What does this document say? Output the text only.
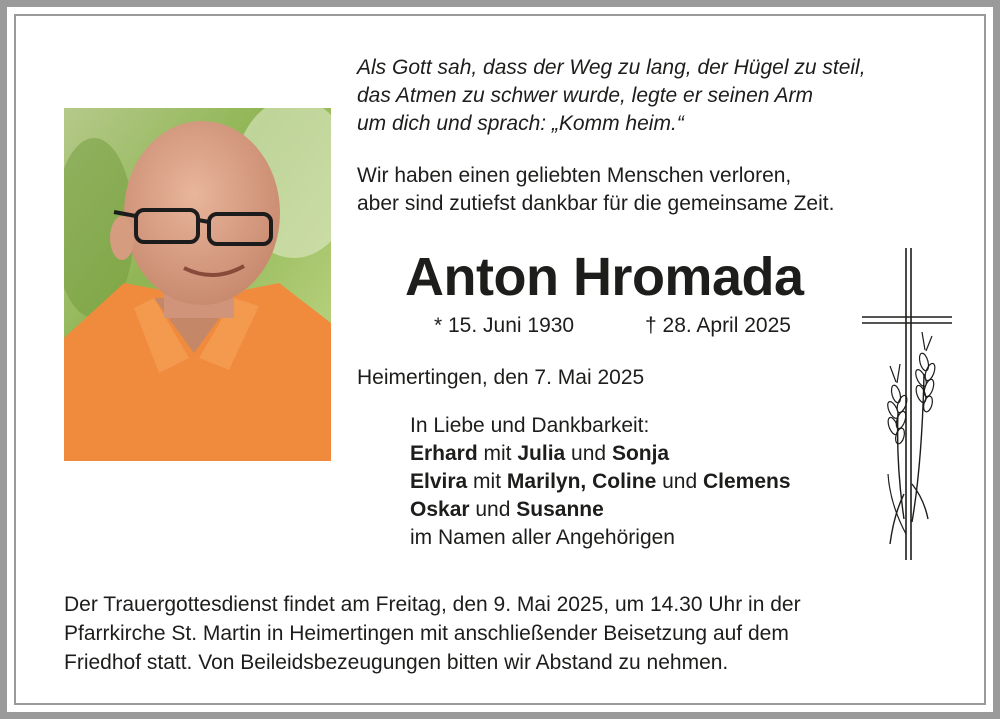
Als Gott sah, dass der Weg zu lang, der Hügel zu steil,
das Atmen zu schwer wurde, legte er seinen Arm
um dich und sprach: „Komm heim.“
Wir haben einen geliebten Menschen verloren,
aber sind zutiefst dankbar für die gemeinsame Zeit.
Anton Hromada
* 15. Juni 1930	† 28. April 2025
Heimertingen, den 7. Mai 2025
In Liebe und Dankbarkeit:
Erhard mit Julia und Sonja
Elvira mit Marilyn, Coline und Clemens
Oskar und Susanne
im Namen aller Angehörigen
Der Trauergottesdienst findet am Freitag, den 9. Mai 2025, um 14.30 Uhr in der
Pfarrkirche St. Martin in Heimertingen mit anschließender Beisetzung auf dem
Friedhof statt. Von Beileidsbezeugungen bitten wir Abstand zu nehmen.
